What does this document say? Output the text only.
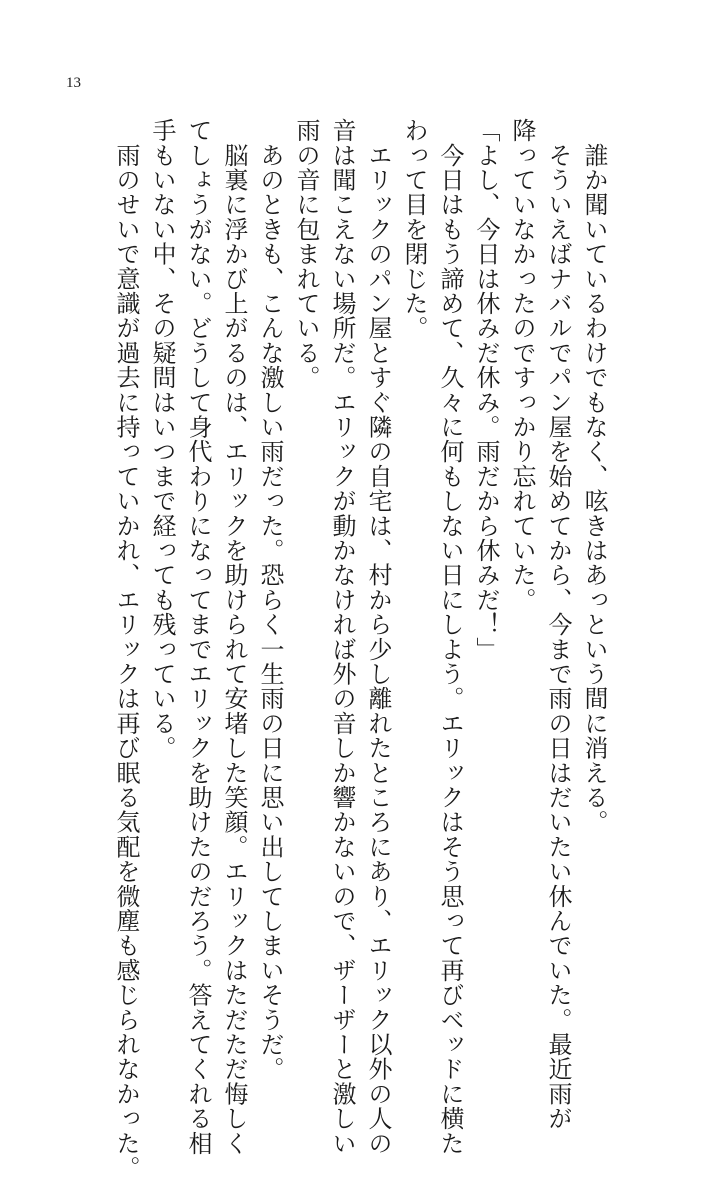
13

　誰か聞いているわけでもなく、呟きはあっという間に消える。

　そういえばナバルでパン屋を始めてから、今まで雨の日はだいたい休んでいた。最近雨が

降っていなかったのですっかり忘れていた。

「よし、今日は休みだ休み。雨だから休みだ！」

　今日はもう諦めて、久々に何もしない日にしよう。エリックはそう思って再びベッドに横た

わって目を閉じた。

　エリックのパン屋とすぐ隣の自宅は、村から少し離れたところにあり、エリック以外の人の

音は聞こえない場所だ。エリックが動かなければ外の音しか響かないので、ザーザーと激しい

雨の音に包まれている。

　あのときも、こんな激しい雨だった。恐らく一生雨の日に思い出してしまいそうだ。

　脳裏に浮かび上がるのは、エリックを助けられて安堵した笑顔。エリックはただただ悔しく

てしょうがない。どうして身代わりになってまでエリックを助けたのだろう。答えてくれる相

手もいない中、その疑問はいつまで経っても残っている。

　雨のせいで意識が過去に持っていかれ、エリックは再び眠る気配を微塵も感じられなかった。
